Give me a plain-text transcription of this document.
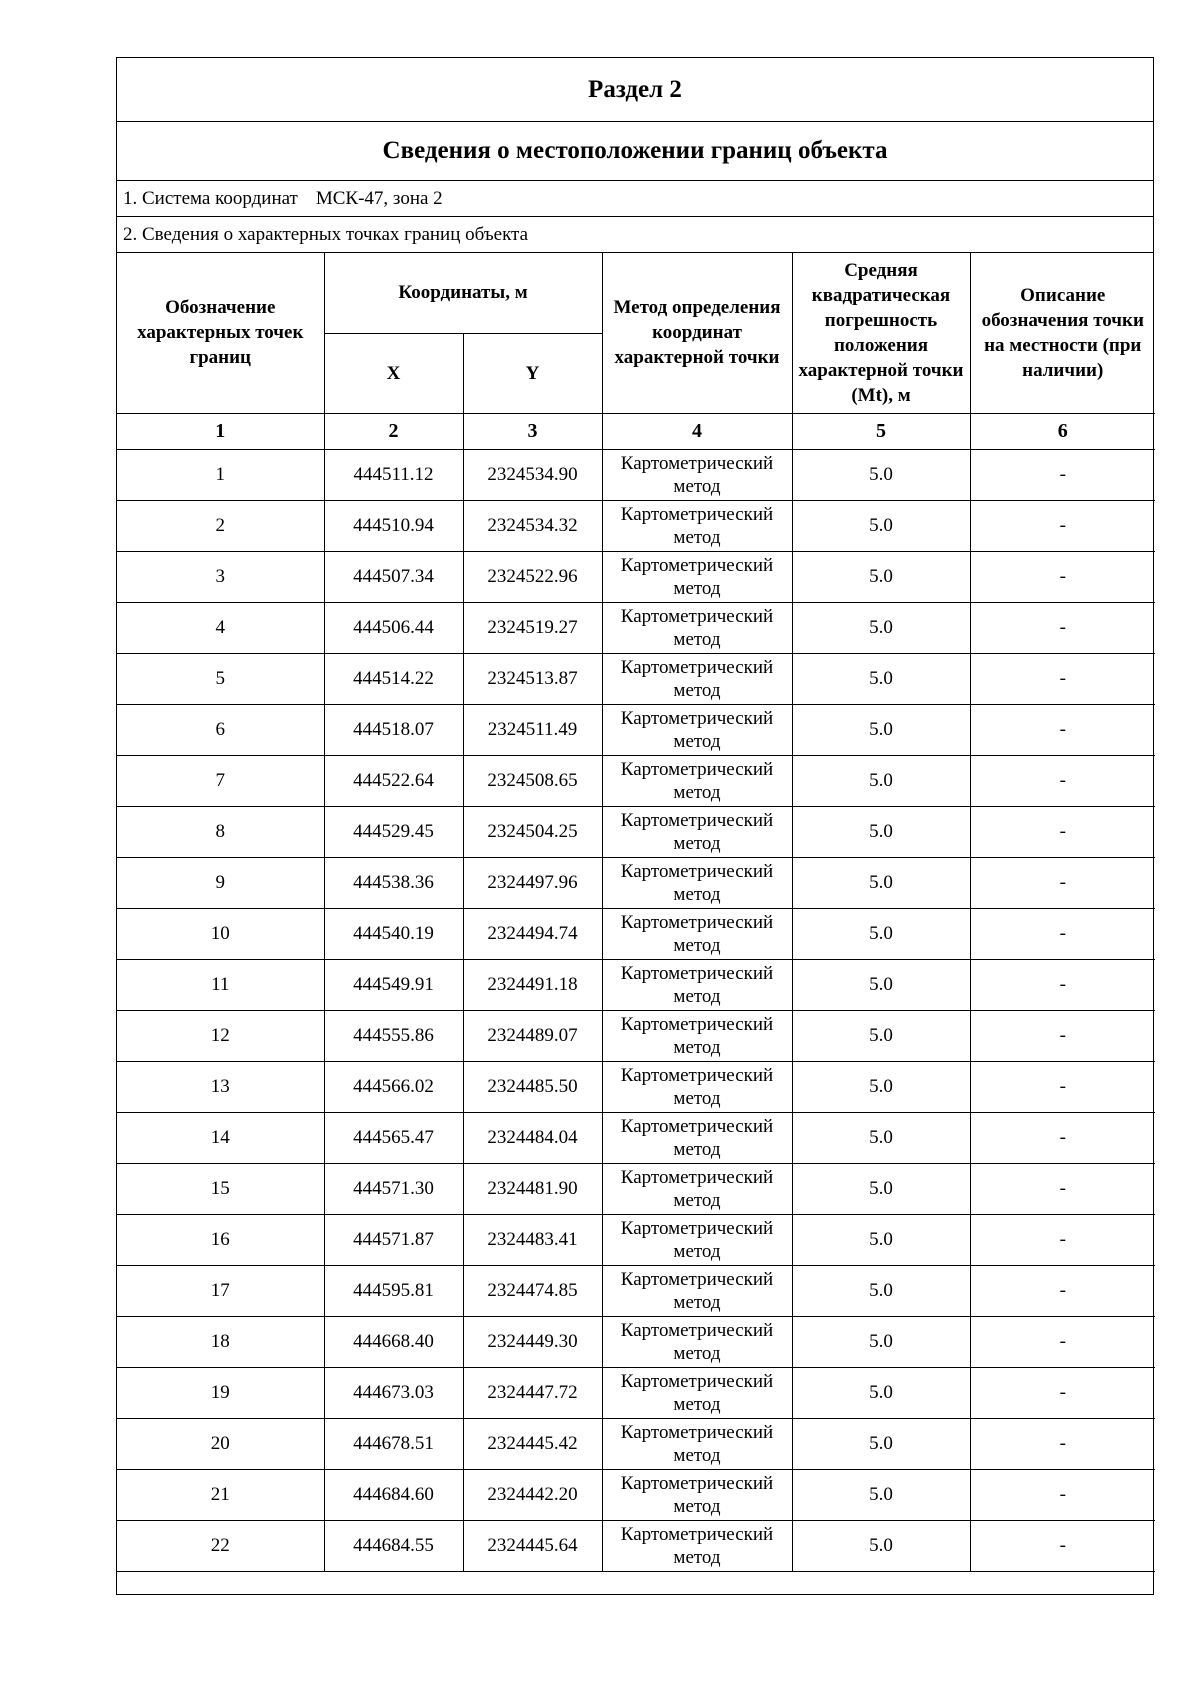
Раздел 2
Сведения о местоположении границ объекта
1. Система координат МСК-47, зона 2
2. Сведения о характерных точках границ объекта
Обозначение характерных точек границ	Координаты, м		Метод определения координат характерной точки	Средняя квадратическая погрешность положения характерной точки (Mt), м	Описание обозначения точки на местности (при наличии)
	X	Y			
1	2	3	4	5	6
1	444511.12	2324534.90	Картометрический метод	5.0	-
2	444510.94	2324534.32	Картометрический метод	5.0	-
3	444507.34	2324522.96	Картометрический метод	5.0	-
4	444506.44	2324519.27	Картометрический метод	5.0	-
5	444514.22	2324513.87	Картометрический метод	5.0	-
6	444518.07	2324511.49	Картометрический метод	5.0	-
7	444522.64	2324508.65	Картометрический метод	5.0	-
8	444529.45	2324504.25	Картометрический метод	5.0	-
9	444538.36	2324497.96	Картометрический метод	5.0	-
10	444540.19	2324494.74	Картометрический метод	5.0	-
11	444549.91	2324491.18	Картометрический метод	5.0	-
12	444555.86	2324489.07	Картометрический метод	5.0	-
13	444566.02	2324485.50	Картометрический метод	5.0	-
14	444565.47	2324484.04	Картометрический метод	5.0	-
15	444571.30	2324481.90	Картометрический метод	5.0	-
16	444571.87	2324483.41	Картометрический метод	5.0	-
17	444595.81	2324474.85	Картометрический метод	5.0	-
18	444668.40	2324449.30	Картометрический метод	5.0	-
19	444673.03	2324447.72	Картометрический метод	5.0	-
20	444678.51	2324445.42	Картометрический метод	5.0	-
21	444684.60	2324442.20	Картометрический метод	5.0	-
22	444684.55	2324445.64	Картометрический метод	5.0	-
